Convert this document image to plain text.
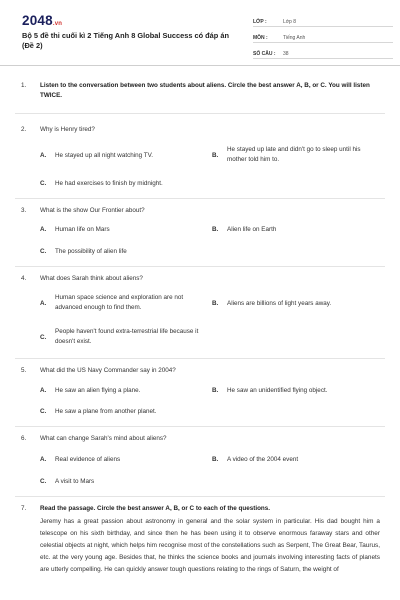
2048.vn
Bộ 5 đề thi cuối kì 2 Tiếng Anh 8 Global Success có đáp án (Đề 2)
LỚP :	Lớp 8
MÔN :	Tiếng Anh
SỐ CÂU :	38
1. Listen to the conversation between two students about aliens. Circle the best answer A, B, or C. You will listen TWICE.
2. Why is Henry tired?
A. He stayed up all night watching TV.	B.
He stayed up late and didn't go to sleep until his mother told him to.
C. He had exercises to finish by midnight.
3. What is the show Our Frontier about?
A. Human life on Mars	B. Alien life on Earth
C. The possibility of alien life
4. What does Sarah think about aliens?
A.
Human space science and exploration are not advanced enough to find them.
B. Aliens are billions of light years away.
C.
People haven't found extra-terrestrial life because it doesn't exist.
5. What did the US Navy Commander say in 2004?
A. He saw an alien flying a plane.	B. He saw an unidentified flying object.
C. He saw a plane from another planet.
6. What can change Sarah's mind about aliens?
A. Real evidence of aliens	B. A video of the 2004 event
C. A visit to Mars
7. Read the passage. Circle the best answer A, B, or C to each of the questions.
Jeremy has a great passion about astronomy in general and the solar system in particular. His dad bought him a telescope on his sixth birthday, and since then he has been using it to observe enormous faraway stars and other celestial objects at night, which helps him recognise most of the constellations such as Serpent, The Great Bear, Taurus, etc. at the very young age. Besides that, he thinks the science books and journals involving interesting facts of planets are utterly compelling. He can quickly answer tough questions relating to the rings of Saturn, the weight of
